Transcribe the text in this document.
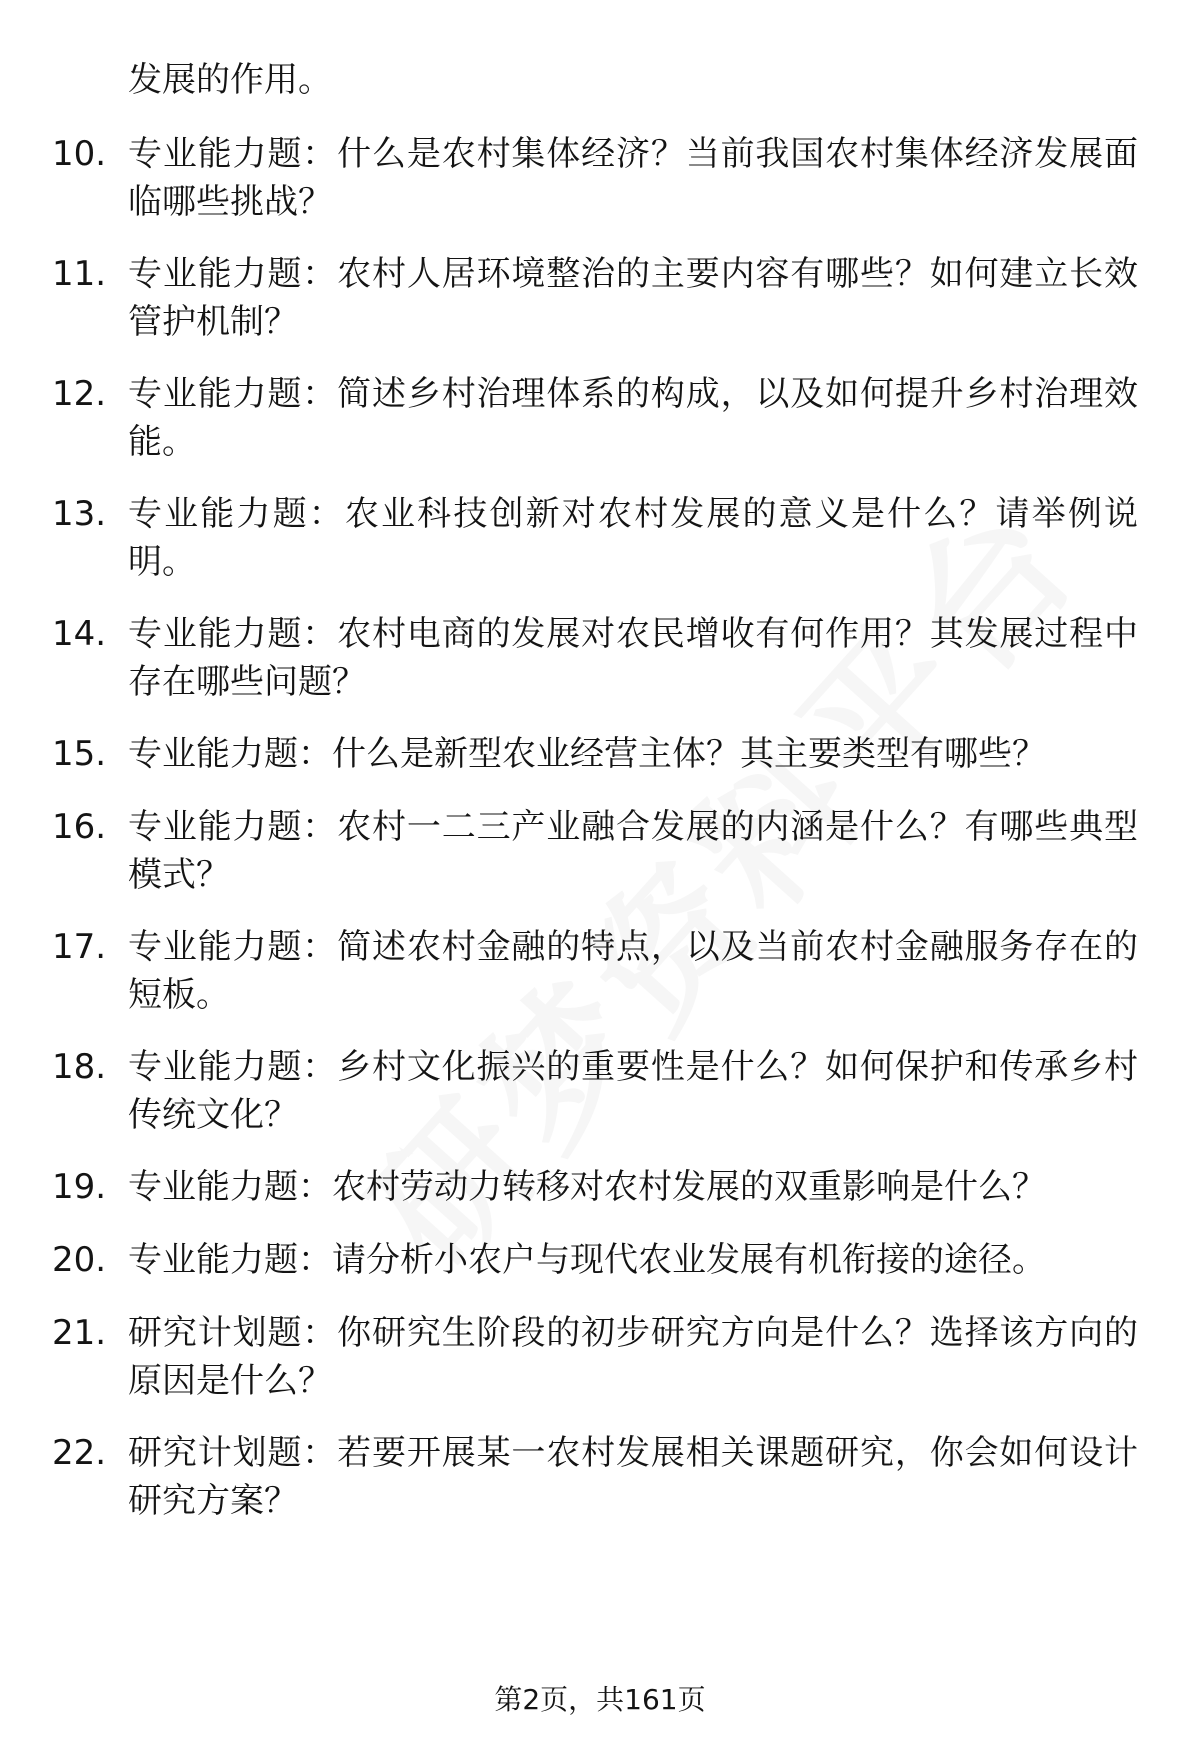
发展的作用。
10. 专业能力题：什么是农村集体经济？当前我国农村集体经济发展面临哪些挑战？
11. 专业能力题：农村人居环境整治的主要内容有哪些？如何建立长效管护机制？
12. 专业能力题：简述乡村治理体系的构成，以及如何提升乡村治理效能。
13. 专业能力题：农业科技创新对农村发展的意义是什么？请举例说明。
14. 专业能力题：农村电商的发展对农民增收有何作用？其发展过程中存在哪些问题？
15. 专业能力题：什么是新型农业经营主体？其主要类型有哪些？
16. 专业能力题：农村一二三产业融合发展的内涵是什么？有哪些典型模式？
17. 专业能力题：简述农村金融的特点，以及当前农村金融服务存在的短板。
18. 专业能力题：乡村文化振兴的重要性是什么？如何保护和传承乡村传统文化？
19. 专业能力题：农村劳动力转移对农村发展的双重影响是什么？
20. 专业能力题：请分析小农户与现代农业发展有机衔接的途径。
21. 研究计划题：你研究生阶段的初步研究方向是什么？选择该方向的原因是什么？
22. 研究计划题：若要开展某一农村发展相关课题研究，你会如何设计研究方案？
第2页，共161页
